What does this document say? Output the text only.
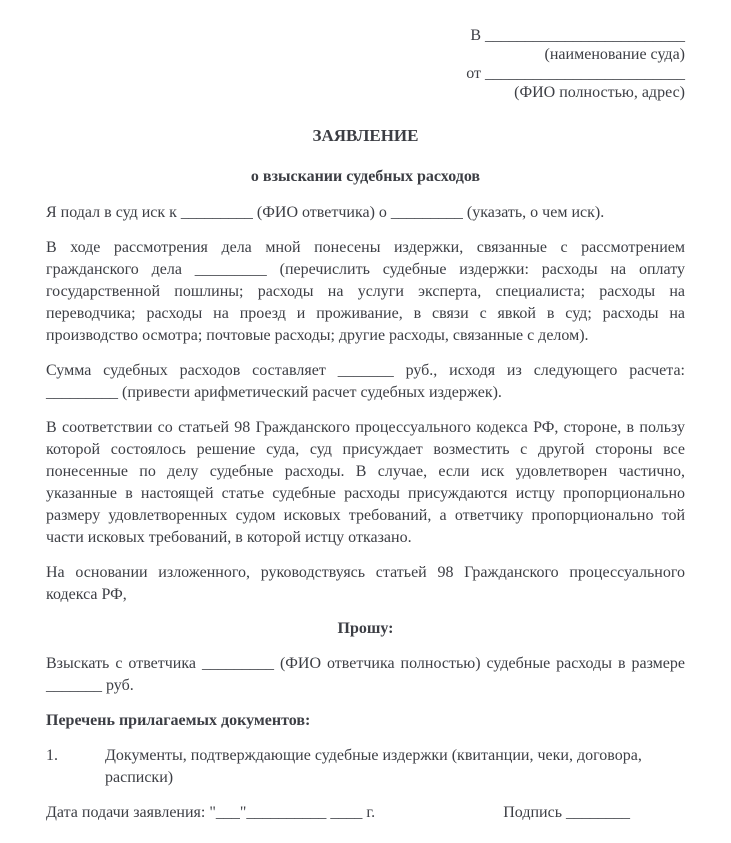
В _________________________
(наименование суда)
от _________________________
(ФИО полностью, адрес)
ЗАЯВЛЕНИЕ
о взыскании судебных расходов

Я подал в суд иск к _________ (ФИО ответчика) о _________ (указать, о чем иск).

В ходе рассмотрения дела мной понесены издержки, связанные с рассмотрением гражданского дела _________ (перечислить судебные издержки: расходы на оплату государственной пошлины; расходы на услуги эксперта, специалиста; расходы на переводчика; расходы на проезд и проживание, в связи с явкой в суд; расходы на производство осмотра; почтовые расходы; другие расходы, связанные с делом).

Сумма судебных расходов составляет _______ руб., исходя из следующего расчета: _________ (привести арифметический расчет судебных издержек).

В соответствии со статьей 98 Гражданского процессуального кодекса РФ, стороне, в пользу которой состоялось решение суда, суд присуждает возместить с другой стороны все понесенные по делу судебные расходы. В случае, если иск удовлетворен частично, указанные в настоящей статье судебные расходы присуждаются истцу пропорционально размеру удовлетворенных судом исковых требований, а ответчику пропорционально той части исковых требований, в которой истцу отказано.

На основании изложенного, руководствуясь статьей 98 Гражданского процессуального кодекса РФ,

Прошу:

Взыскать с ответчика _________ (ФИО ответчика полностью) судебные расходы в размере _______ руб.

Перечень прилагаемых документов:
1.	Документы, подтверждающие судебные издержки (квитанции, чеки, договора, расписки)
Дата подачи заявления: "___"__________ ____ г.	Подпись ________
